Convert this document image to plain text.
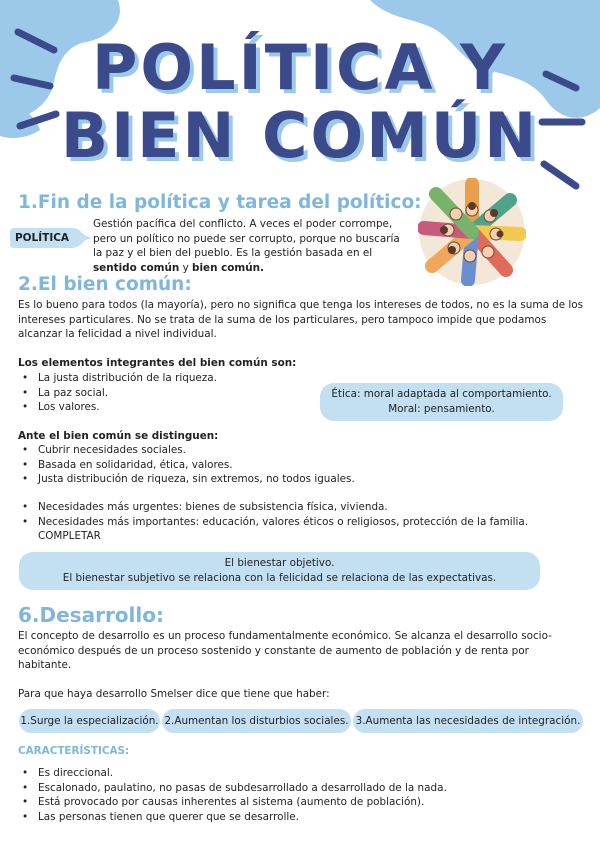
POLÍTICA Y
BIEN COMÚN
1.Fin de la política y tarea del político:
POLÍTICA
Gestión pacífica del conflicto. A veces el poder corrompe,
pero un político no puede ser corrupto, porque no buscaría
la paz y el bien del pueblo. Es la gestión basada en el
sentido común y bien común.
2.El bien común:
Es lo bueno para todos (la mayoría), pero no significa que tenga los intereses de todos, no es la suma de los
intereses particulares. No se trata de la suma de los particulares, pero tampoco impide que podamos
alcanzar la felicidad a nivel individual.
Los elementos integrantes del bien común son:
• La justa distribución de la riqueza.
• La paz social.
• Los valores.
Ética: moral adaptada al comportamiento.
Moral: pensamiento.
Ante el bien común se distinguen:
• Cubrir necesidades sociales.
• Basada en solidaridad, ética, valores.
• Justa distribución de riqueza, sin extremos, no todos iguales.
• Necesidades más urgentes: bienes de subsistencia física, vivienda.
• Necesidades más importantes: educación, valores éticos o religiosos, protección de la familia.
COMPLETAR
El bienestar objetivo.
El bienestar subjetivo se relaciona con la felicidad se relaciona de las expectativas.
6.Desarrollo:
El concepto de desarrollo es un proceso fundamentalmente económico. Se alcanza el desarrollo socio-
económico después de un proceso sostenido y constante de aumento de población y de renta por
habitante.
Para que haya desarrollo Smelser dice que tiene que haber:
1.Surge la especialización. 2.Aumentan los disturbios sociales. 3.Aumenta las necesidades de integración.
CARACTERÍSTICAS:
• Es direccional.
• Escalonado, paulatino, no pasas de subdesarrollado a desarrollado de la nada.
• Está provocado por causas inherentes al sistema (aumento de población).
• Las personas tienen que querer que se desarrolle.
